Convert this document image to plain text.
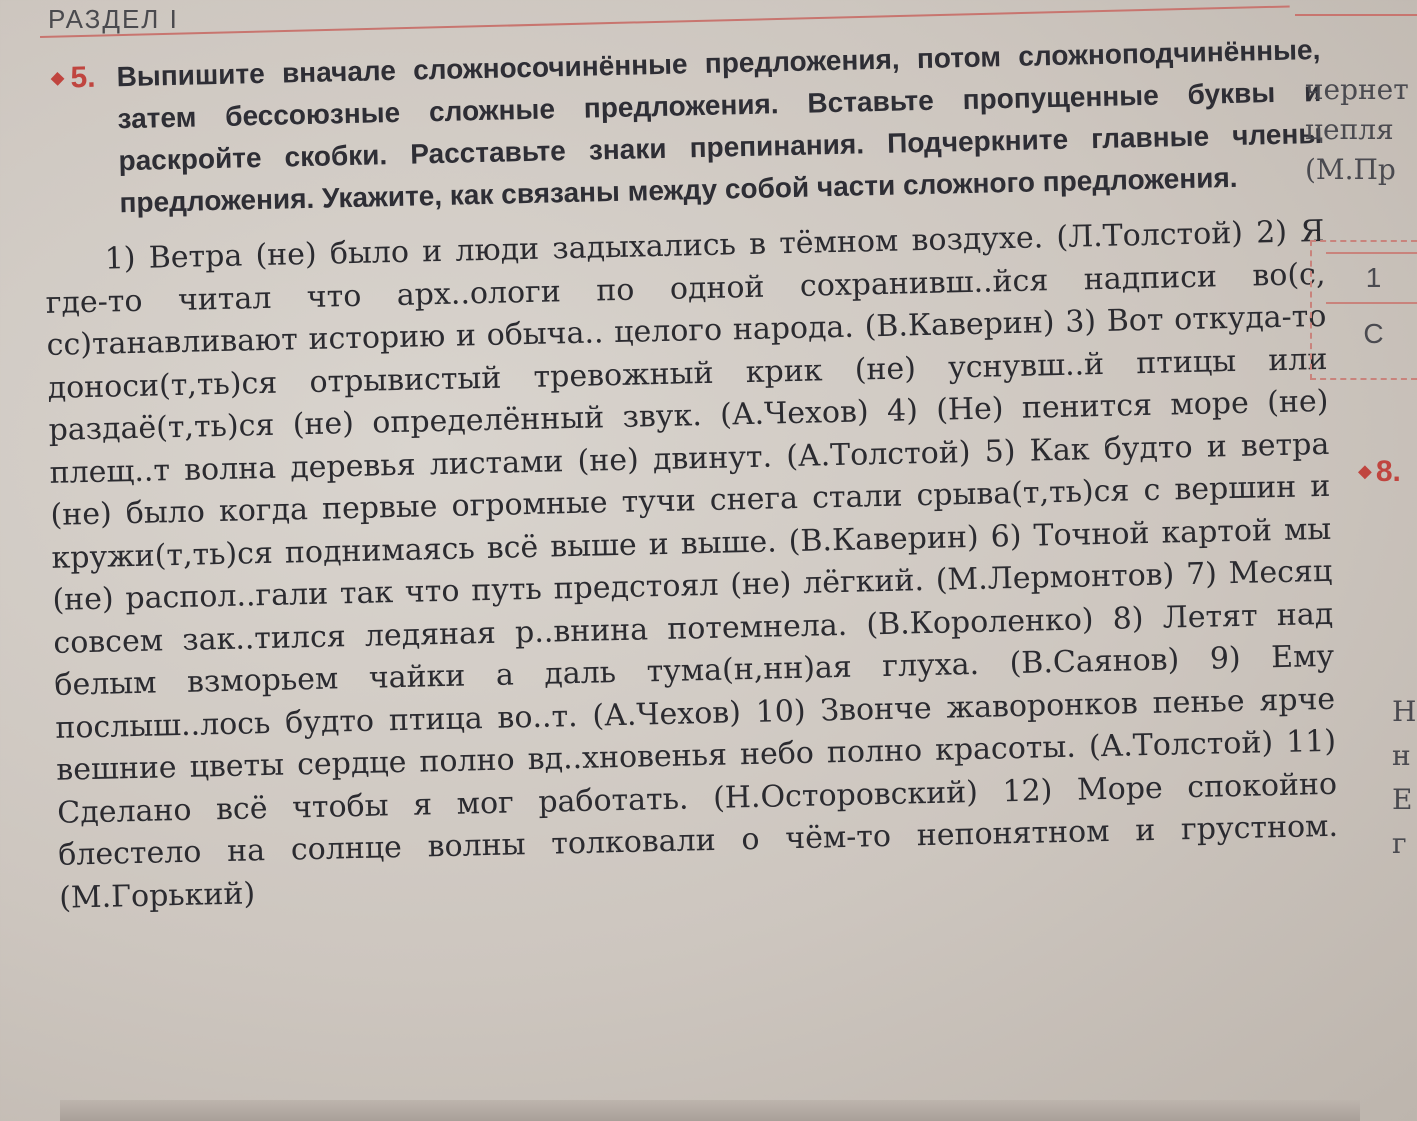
РАЗДЕЛ I
◆ 5. Выпишите вначале сложносочинённые предложения, потом сложноподчинённые, затем бессоюзные сложные предложения. Вставьте пропущенные буквы и раскройте скобки. Расставьте знаки препинания. Подчеркните главные члены предложения. Укажите, как связаны между собой части сложного предложения.

1) Ветра (не) было и люди задыхались в тёмном воздухе. (Л.Толстой) 2) Я где-то читал что арх..ологи по одной сохранивш..йся надписи во(с, сс)танавливают историю и обыча.. целого народа. (В.Каверин) 3) Вот откуда-то доноси(т,ть)ся отрывистый тревожный крик (не) уснувш..й птицы или раздаё(т,ть)ся (не) определённый звук. (А.Чехов) 4) (Не) пенится море (не) плещ..т волна деревья листами (не) двинут. (А.Толстой) 5) Как будто и ветра (не) было когда первые огромные тучи снега стали срыва(т,ть)ся с вершин и кружи(т,ть)ся поднимаясь всё выше и выше. (В.Каверин) 6) Точной картой мы (не) распол..гали так что путь предстоял (не) лёгкий. (М.Лермонтов) 7) Месяц совсем зак..тился ледяная р..внина потемнела. (В.Короленко) 8) Летят над белым взморьем чайки а даль тума(н,нн)ая глуха. (В.Саянов) 9) Ему послыш..лось будто птица во..т. (А.Чехов) 10) Звонче жаворонков пенье ярче вешние цветы сердце полно вд..хновенья небо полно красоты. (А.Толстой) 11) Сделано всё чтобы я мог работать. (Н.Осторовский) 12) Море спокойно блестело на солнце волны толковали о чём-то непонятном и грустном. (М.Горький)

чернет
цепля
(М.Пр
1
С
◆ 8.
Н
н
Е
г
